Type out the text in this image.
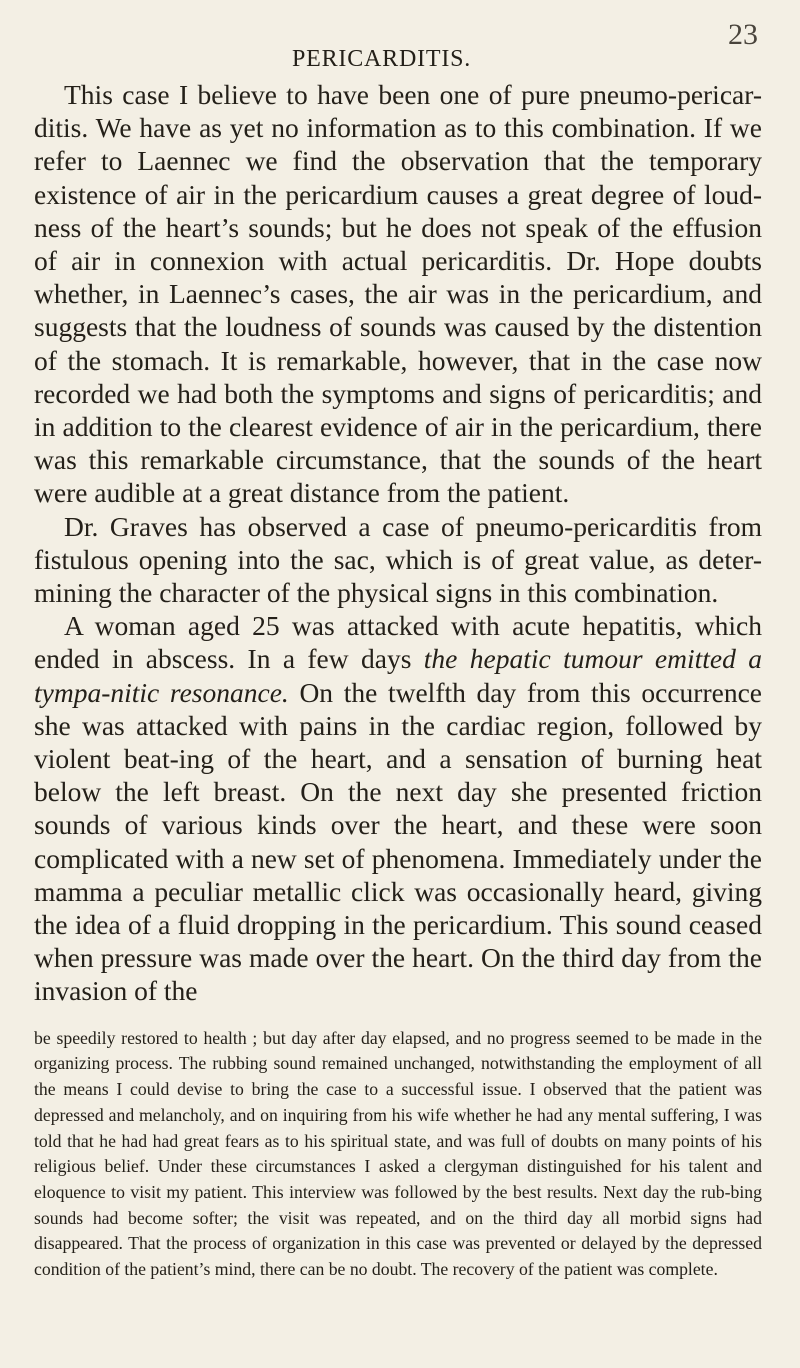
PERICARDITIS.
23

This case I believe to have been one of pure pneumo-pericar-ditis. We have as yet no information as to this combination. If we refer to Laennec we find the observation that the temporary existence of air in the pericardium causes a great degree of loud-ness of the heart’s sounds; but he does not speak of the effusion of air in connexion with actual pericarditis. Dr. Hope doubts whether, in Laennec’s cases, the air was in the pericardium, and suggests that the loudness of sounds was caused by the distention of the stomach. It is remarkable, however, that in the case now recorded we had both the symptoms and signs of pericarditis; and in addition to the clearest evidence of air in the pericardium, there was this remarkable circumstance, that the sounds of the heart were audible at a great distance from the patient.

Dr. Graves has observed a case of pneumo-pericarditis from fistulous opening into the sac, which is of great value, as deter-mining the character of the physical signs in this combination.

A woman aged 25 was attacked with acute hepatitis, which ended in abscess. In a few days the hepatic tumour emitted a tympa-nitic resonance. On the twelfth day from this occurrence she was attacked with pains in the cardiac region, followed by violent beat-ing of the heart, and a sensation of burning heat below the left breast. On the next day she presented friction sounds of various kinds over the heart, and these were soon complicated with a new set of phenomena. Immediately under the mamma a peculiar metallic click was occasionally heard, giving the idea of a fluid dropping in the pericardium. This sound ceased when pressure was made over the heart. On the third day from the invasion of the

be speedily restored to health ; but day after day elapsed, and no progress seemed to be made in the organizing process. The rubbing sound remained unchanged, notwithstanding the employment of all the means I could devise to bring the case to a successful issue. I observed that the patient was depressed and melancholy, and on inquiring from his wife whether he had any mental suffering, I was told that he had had great fears as to his spiritual state, and was full of doubts on many points of his religious belief. Under these circumstances I asked a clergyman distinguished for his talent and eloquence to visit my patient. This interview was followed by the best results. Next day the rub-bing sounds had become softer; the visit was repeated, and on the third day all morbid signs had disappeared. That the process of organization in this case was prevented or delayed by the depressed condition of the patient’s mind, there can be no doubt. The recovery of the patient was complete.
